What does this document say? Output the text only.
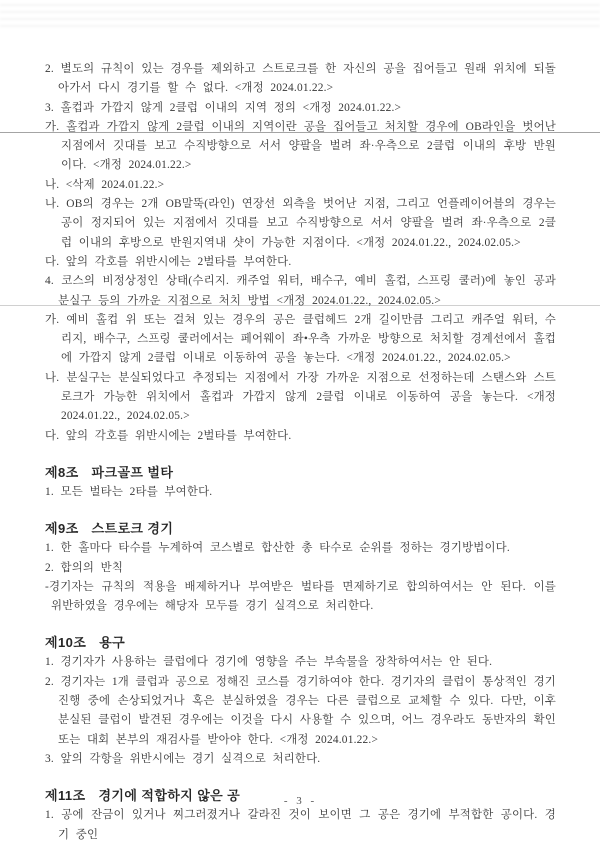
2. 별도의 규칙이 있는 경우를 제외하고 스트로크를 한 자신의 공을 집어들고 원래 위치에 되돌아가서 다시 경기를 할 수 없다. <개정 2024.01.22.>

3. 홀컵과 가깝지 않게 2클럽 이내의 지역 정의 <개정 2024.01.22.>

가. 홀컵과 가깝지 않게 2클럽 이내의 지역이란 공을 집어들고 처치할 경우에 OB라인을 벗어난 지점에서 깃대를 보고 수직방향으로 서서 양팔을 벌려 좌·우측으로 2클럽 이내의 후방 반원이다. <개정 2024.01.22.>

나. <삭제 2024.01.22.>

나. OB의 경우는 2개 OB말뚝(라인) 연장선 외측을 벗어난 지점, 그리고 언플레이어블의 경우는 공이 정지되어 있는 지점에서 깃대를 보고 수직방향으로 서서 양팔을 벌려 좌·우측으로 2클럽 이내의 후방으로 반원지역내 샷이 가능한 지점이다. <개정 2024.01.22., 2024.02.05.>

다. 앞의 각호를 위반시에는 2벌타를 부여한다.

4. 코스의 비정상정인 상태(수리지. 캐주얼 워터, 배수구, 예비 홀컵, 스프링 쿨러)에 놓인 공과 분실구 등의 가까운 지점으로 처치 방법 <개정 2024.01.22., 2024.02.05.>

가. 예비 홀컵 위 또는 걸쳐 있는 경우의 공은 클럽헤드 2개 길이만큼 그리고 캐주얼 워터, 수리지, 배수구, 스프링 쿨러에서는 페어웨이 좌•우측 가까운 방향으로 처치할 경계선에서 홀컵에 가깝지 않게 2클럽 이내로 이동하여 공을 놓는다. <개정 2024.01.22., 2024.02.05.>

나. 분실구는 분실되었다고 추정되는 지점에서 가장 가까운 지점으로 선정하는데 스탠스와 스트로크가 가능한 위치에서 홀컵과 가깝지 않게 2클럽 이내로 이동하여 공을 놓는다. <개정 2024.01.22., 2024.02.05.>

다. 앞의 각호를 위반시에는 2벌타를 부여한다.

제8조 파크골프 벌타

1. 모든 벌타는 2타를 부여한다.

제9조 스트로크 경기

1. 한 홀마다 타수를 누계하여 코스별로 합산한 총 타수로 순위를 정하는 경기방법이다.

2. 합의의 반칙

-경기자는 규칙의 적용을 배제하거나 부여받은 벌타를 면제하기로 합의하여서는 안 된다. 이를 위반하였을 경우에는 해당자 모두를 경기 실격으로 처리한다.

제10조 용구

1. 경기자가 사용하는 클럽에다 경기에 영향을 주는 부속물을 장착하여서는 안 된다.

2. 경기자는 1개 클럽과 공으로 정해진 코스를 경기하여야 한다. 경기자의 클럽이 통상적인 경기 진행 중에 손상되었거나 혹은 분실하였을 경우는 다른 클럽으로 교체할 수 있다. 다만, 이후 분실된 클럽이 발견된 경우에는 이것을 다시 사용할 수 있으며, 어느 경우라도 동반자의 확인 또는 대회 본부의 재검사를 받아야 한다. <개정 2024.01.22.>

3. 앞의 각항을 위반시에는 경기 실격으로 처리한다.

제11조 경기에 적합하지 않은 공

1. 공에 잔금이 있거나 찌그러졌거나 갈라진 것이 보이면 그 공은 경기에 부적합한 공이다. 경기 중인

- 3 -
